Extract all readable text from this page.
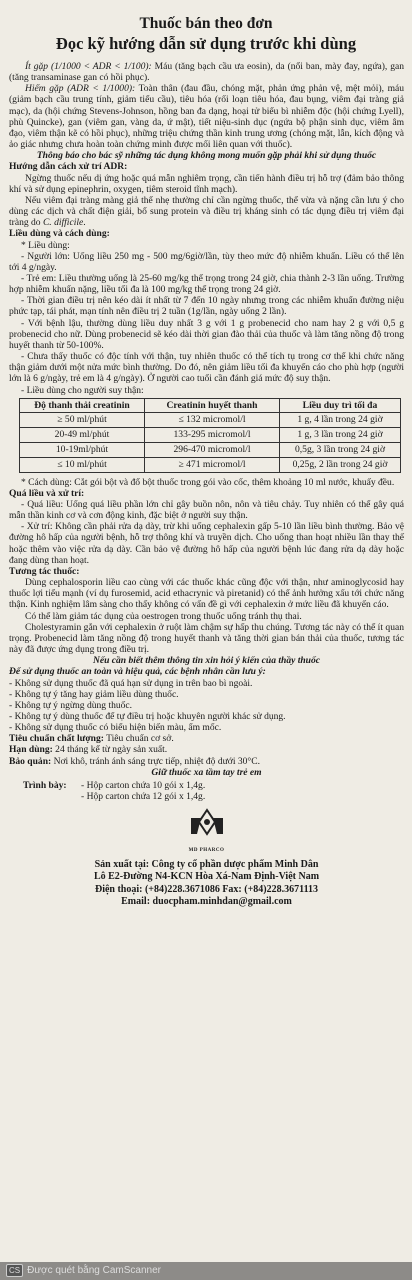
Thuốc bán theo đơn
Đọc kỹ hướng dẫn sử dụng trước khi dùng

Ít gặp (1/1000 < ADR < 1/100): Máu (tăng bạch cầu ưa eosin), da (nổi ban, mày đay, ngứa), gan (tăng transaminase gan có hồi phục).

Hiếm gặp (ADR < 1/1000): Toàn thân (đau đầu, chóng mặt, phản ứng phản vệ, mệt mỏi), máu (giảm bạch cầu trung tính, giảm tiểu cầu), tiêu hóa (rối loạn tiêu hóa, đau bụng, viêm đại tràng giả mạc), da (hội chứng Stevens-Johnson, hồng ban đa dạng, hoại tử biểu bì nhiễm độc (hội chứng Lyell), phù Quincke), gan (viêm gan, vàng da, ứ mật), tiết niệu-sinh dục (ngứa bộ phận sinh dục, viêm âm đạo, viêm thận kẽ có hồi phục), những triệu chứng thần kinh trung ương (chóng mặt, lẫn, kích động và ảo giác nhưng chưa hoàn toàn chứng minh được mối liên quan với thuốc).

Thông báo cho bác sỹ những tác dụng không mong muốn gặp phải khi sử dụng thuốc

Hướng dẫn cách xử trí ADR:

Ngừng thuốc nếu dị ứng hoặc quá mẫn nghiêm trọng, cần tiến hành điều trị hỗ trợ (đảm bảo thông khí và sử dụng epinephrin, oxygen, tiêm steroid tĩnh mạch).

Nếu viêm đại tràng màng giả thể nhẹ thường chỉ cần ngừng thuốc, thể vừa và nặng cần lưu ý cho dùng các dịch và chất điện giải, bổ sung protein và điều trị kháng sinh có tác dụng điều trị viêm đại tràng do C. difficile.

Liều dùng và cách dùng:

* Liều dùng:

- Người lớn: Uống liều 250 mg - 500 mg/6giờ/lần, tùy theo mức độ nhiễm khuẩn. Liều có thể lên tới 4 g/ngày.

- Trẻ em: Liều thường uống là 25-60 mg/kg thể trọng trong 24 giờ, chia thành 2-3 lần uống. Trường hợp nhiễm khuẩn nặng, liều tối đa là 100 mg/kg thể trọng trong 24 giờ.

- Thời gian điều trị nên kéo dài ít nhất từ 7 đến 10 ngày nhưng trong các nhiễm khuẩn đường niệu phức tạp, tái phát, mạn tính nên điều trị 2 tuần (1g/lần, ngày uống 2 lần).

- Với bệnh lậu, thường dùng liều duy nhất 3 g với 1 g probenecid cho nam hay 2 g với 0,5 g probenecid cho nữ. Dùng probenecid sẽ kéo dài thời gian đào thải của thuốc và làm tăng nồng độ trong huyết thanh từ 50-100%.

- Chưa thấy thuốc có độc tính với thận, tuy nhiên thuốc có thể tích tụ trong cơ thể khi chức năng thận giảm dưới một nửa mức bình thường. Do đó, nên giảm liều tối đa khuyến cáo cho phù hợp (người lớn là 6 g/ngày, trẻ em là 4 g/ngày). Ở người cao tuổi cần đánh giá mức độ suy thận.

- Liều dùng cho người suy thận:

Độ thanh thải creatinin	Creatinin huyết thanh	Liều duy trì tối đa
≥ 50 ml/phút	≤ 132 micromol/l	1 g, 4 lần trong 24 giờ
20-49 ml/phút	133-295 micromol/l	1 g, 3 lần trong 24 giờ
10-19ml/phút	296-470 micromol/l	0,5g, 3 lần trong 24 giờ
≤ 10 ml/phút	≥ 471 micromol/l	0,25g, 2 lần trong 24 giờ

* Cách dùng: Cắt gói bột và đổ bột thuốc trong gói vào cốc, thêm khoảng 10 ml nước, khuấy đều.

Quá liều và xử trí:

- Quá liều: Uống quá liều phần lớn chỉ gây buồn nôn, nôn và tiêu chảy. Tuy nhiên có thể gây quá mẫn thần kinh cơ và cơn động kinh, đặc biệt ở người suy thận.

- Xử trí: Không cần phải rửa dạ dày, trừ khi uống cephalexin gấp 5-10 lần liều bình thường. Bảo vệ đường hô hấp của người bệnh, hỗ trợ thông khí và truyền dịch. Cho uống than hoạt nhiều lần thay thế hoặc thêm vào việc rửa dạ dày. Cần bảo vệ đường hô hấp của người bệnh lúc đang rửa dạ dày hoặc đang dùng than hoạt.

Tương tác thuốc:

Dùng cephalosporin liều cao cùng với các thuốc khác cũng độc với thận, như aminoglycosid hay thuốc lợi tiểu mạnh (ví dụ furosemid, acid ethacrynic và piretanid) có thể ảnh hưởng xấu tới chức năng thận. Kinh nghiệm lâm sàng cho thấy không có vấn đề gì với cephalexin ở mức liều đã khuyến cáo.

Có thể làm giảm tác dụng của oestrogen trong thuốc uống tránh thụ thai.

Cholestyramin gắn với cephalexin ở ruột làm chậm sự hấp thu chúng. Tương tác này có thể ít quan trọng. Probenecid làm tăng nồng độ trong huyết thanh và tăng thời gian bán thải của thuốc, tương tác này đã được ứng dụng trong điều trị.

Nếu cần biết thêm thông tin xin hỏi ý kiến của thầy thuốc

Để sử dụng thuốc an toàn và hiệu quả, các bệnh nhân cần lưu ý:

- Không sử dụng thuốc đã quá hạn sử dụng in trên bao bì ngoài.

- Không tự ý tăng hay giảm liều dùng thuốc.

- Không tự ý ngừng dùng thuốc.

- Không tự ý dùng thuốc để tự điều trị hoặc khuyên người khác sử dụng.

- Không sử dụng thuốc có biểu hiện biến màu, ẩm mốc.

Tiêu chuẩn chất lượng: Tiêu chuẩn cơ sở.

Hạn dùng: 24 tháng kể từ ngày sản xuất.

Bảo quản: Nơi khô, tránh ánh sáng trực tiếp, nhiệt độ dưới 30°C.

Giữ thuốc xa tầm tay trẻ em

Trình bày:	- Hộp carton chứa 10 gói x 1,4g.
- Hộp carton chứa 12 gói x 1,4g.
MD PHARCO
Sản xuất tại: Công ty cổ phần dược phẩm Minh Dân
Lô E2-Đường N4-KCN Hòa Xá-Nam Định-Việt Nam
Điện thoại: (+84)228.3671086 Fax: (+84)228.3671113
Email: duocpham.minhdan@gmail.com
CS Được quét bằng CamScanner
